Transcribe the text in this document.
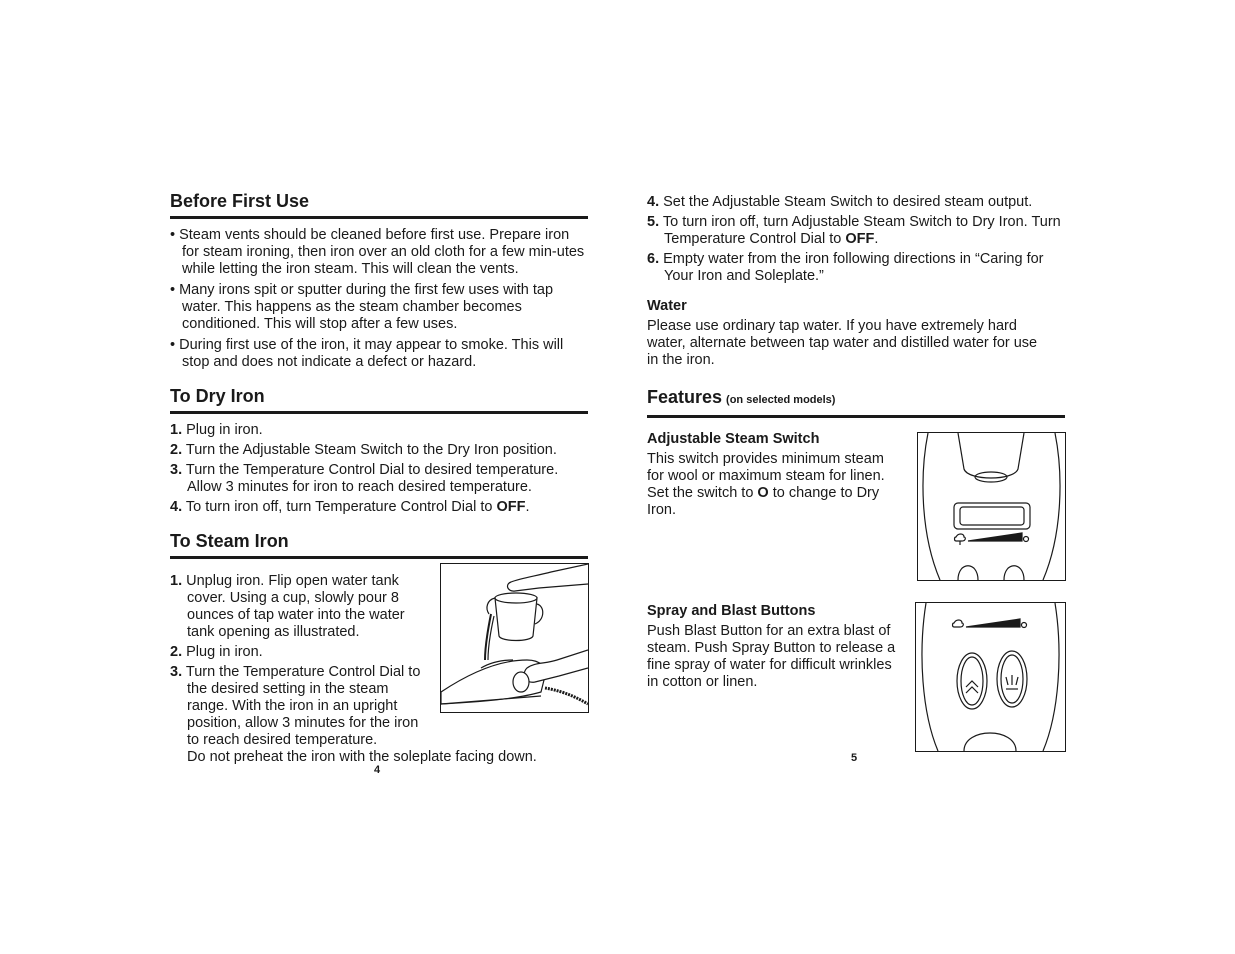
Before First Use
• Steam vents should be cleaned before first use. Prepare iron for steam ironing, then iron over an old cloth for a few min-utes while letting the iron steam. This will clean the vents.
• Many irons spit or sputter during the first few uses with tap water. This happens as the steam chamber becomes conditioned. This will stop after a few uses.
• During first use of the iron, it may appear to smoke. This will stop and does not indicate a defect or hazard.
To Dry Iron
1. Plug in iron.
2. Turn the Adjustable Steam Switch to the Dry Iron position.
3. Turn the Temperature Control Dial to desired temperature. Allow 3 minutes for iron to reach desired temperature.
4. To turn iron off, turn Temperature Control Dial to OFF.
To Steam Iron
1. Unplug iron. Flip open water tank cover. Using a cup, slowly pour 8 ounces of tap water into the water tank opening as illustrated.
2. Plug in iron.
3. Turn the Temperature Control Dial to the desired setting in the steam range. With the iron in an upright position, allow 3 minutes for the iron to reach desired temperature.

Do not preheat the iron with the soleplate facing down.

4
4. Set the Adjustable Steam Switch to desired steam output.
5. To turn iron off, turn Adjustable Steam Switch to Dry Iron. Turn Temperature Control Dial to OFF.
6. Empty water from the iron following directions in “Caring for Your Iron and Soleplate.”
Water

Please use ordinary tap water. If you have extremely hard water, alternate between tap water and distilled water for use in the iron.

Features (on selected models)
Adjustable Steam Switch

This switch provides minimum steam for wool or maximum steam for linen. Set the switch to O to change to Dry Iron.

Spray and Blast Buttons

Push Blast Button for an extra blast of steam. Push Spray Button to release a fine spray of water for difficult wrinkles in cotton or linen.

5
